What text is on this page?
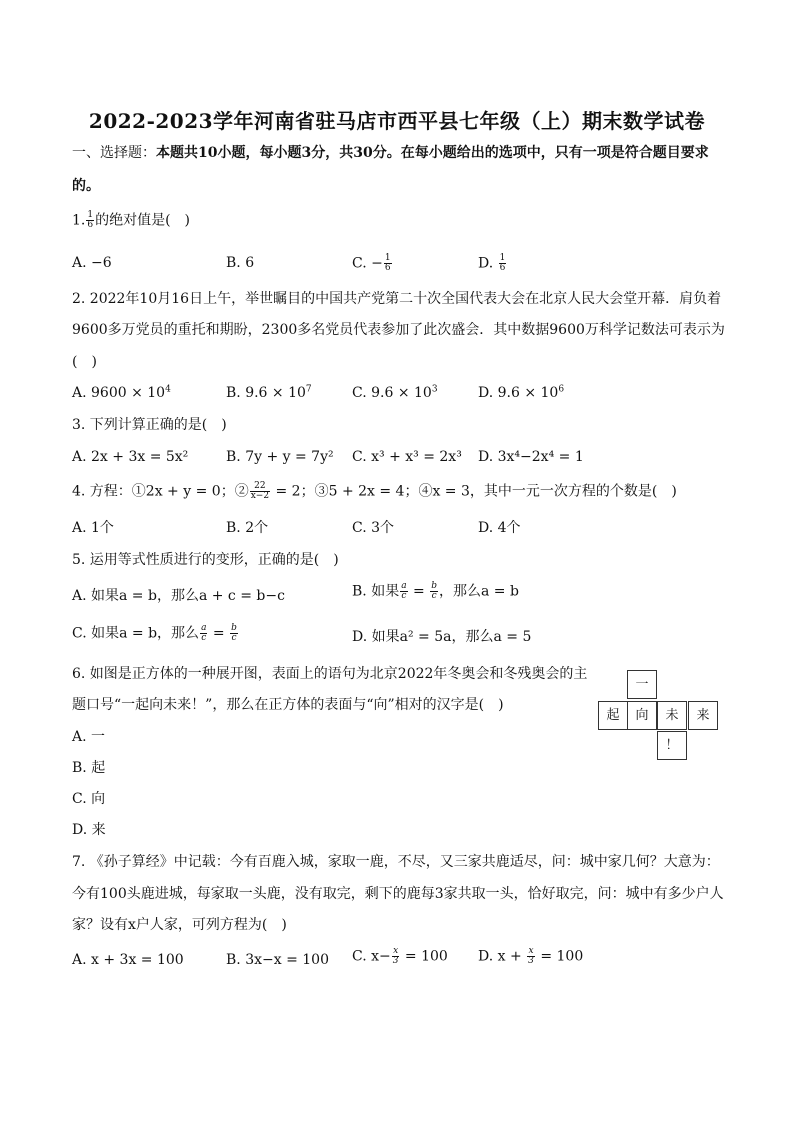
2022-2023学年河南省驻马店市西平县七年级（上）期末数学试卷
一、选择题：本题共10小题，每小题3分，共30分。在每小题给出的选项中，只有一项是符合题目要求
的。
1. $\frac{1}{6}$ 的绝对值是(　)
A. −6	B. 6	C. − $\frac{1}{6}$	D. $\frac{1}{6}$
2. 2022年10月16日上午，举世瞩目的中国共产党第二十次全国代表大会在北京人民大会堂开幕．肩负着
9600多万党员的重托和期盼，2300多名党员代表参加了此次盛会．其中数据9600万科学记数法可表示为
(　)
A. $9600 \times 10^4$	B. $9.6 \times 10^7$	C. $9.6 \times 10^3$	D. $9.6 \times 10^6$
3. 下列计算正确的是(　)
A. 2x + 3x = 5x²	B. 7y + y = 7y² C. x³ + x³ = 2x³ D. 3x⁴−2x⁴ = 1
4. 方程：①2x + y = 0；② $\frac{22}{x-2} = 2$；③5 + 2x = 4；④x = 3，其中一元一次方程的个数是(　)
A. 1个	B. 2个	C. 3个	D. 4个
5. 运用等式性质进行的变形，正确的是(　)
A. 如果a = b，那么a + c = b−c	B. 如果 $\frac{a}{c} = \frac{b}{c}$ ，那么a = b
C. 如果a = b，那么 $\frac{a}{c} = \frac{b}{c}$	D. 如果a² = 5a，那么a = 5
6. 如图是正方体的一种展开图，表面上的语句为北京2022年冬奥会和冬残奥会的主
题口号“一起向未来！”，那么在正方体的表面与“向”相对的汉字是(　)
A. 一
B. 起
C. 向
D. 来
一
起	向	未	来
！
7. 《孙子算经》中记载：今有百鹿入城，家取一鹿，不尽，又三家共鹿适尽，问：城中家几何？大意为：
今有100头鹿进城，每家取一头鹿，没有取完，剩下的鹿每3家共取一头，恰好取完，问：城中有多少户人
家？设有x户人家，可列方程为(　)
A. x + 3x = 100	B. 3x−x = 100 C. $x- \frac{x}{3} = 100$ D. $x + \frac{x}{3} = 100$
